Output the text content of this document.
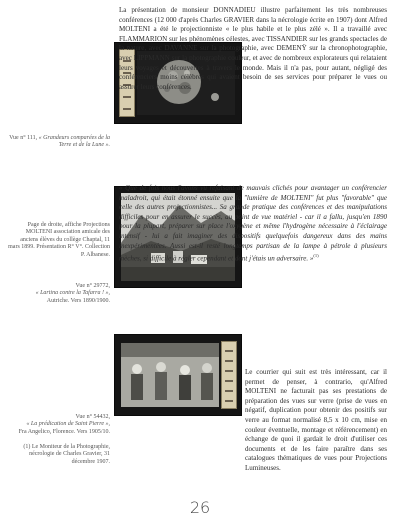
Vue n° 111, « Grandeurs comparées de la Terre et de la Lune ».
Page de droite, affiche Projections MOLTENI association amicale des anciens élèves du collège Chaptal, 11 mars 1899. Présentation R° V°. Collection P. Albanese.
Vue n° 29772,
« Lartina contre la Tafarra ! »,
Autriche. Vers 1890/1900.
Vue n° 54432,
« La prédication de Saint Pierre »,
Fra Angelico, Florence. Vers 1905/10.
(1) Le Moniteur de la Photographie, nécrologie de Charles Gravier, 31 décembre 1907.

La présentation de monsieur DONNADIEU illustre parfaitement les très nombreuses conférences (12 000 d'après Charles GRAVIER dans la nécrologie écrite en 1907) dont Alfred MOLTENI a été le projectionniste « le plus habile et le plus zélé ». Il a travaillé avec FLAMMARION sur les phénomènes célestes, avec TISSANDIER sur les grands spectacles de la nature, avec DAVANNE sur la photographie, avec DEMENŸ sur la chronophotographie, avec LIPPMANN sur la photographie couleur, et avec de nombreux explorateurs qui relataient leurs voyages et découvertes à travers le monde. Mais il n'a pas, pour autant, négligé des conférenciers moins célèbres qui avaient besoin de ses services pour préparer le vues ou assurer leurs conférences.

« Que de fois nous l'avons vu refaisant de mauvais clichés pour avantager un conférencier maladroit, qui était étonné ensuite que la "lumière de MOLTENI" fut plus "favorable" que celle des autres projectionnistes... Sa grande pratique des conférences et des manipulations difficiles pour en assurer le succès, au point de vue matériel - car il a fallu, jusqu'en 1890 pour la plupart, préparer sur place l'oxygène et même l'hydrogène nécessaire à l'éclairage intensif - lui a fait imaginer des dispositifs quelquefois dangereux dans des mains inexpérimentées. Aussi est-il resté longtemps partisan de la lampe à pétrole à plusieurs mèches, si difficile à régler cependant et dont j'étais un adversaire. »$^{(1)}$

Le courrier qui suit est très intéressant, car il permet de penser, à contrario, qu'Alfred MOLTENI ne facturait pas ses prestations de préparation des vues sur verre (prise de vues en négatif, duplication pour obtenir des positifs sur verre au format normalisé 8,5 x 10 cm, mise en couleur éventuelle, montage et référencement) en échange de quoi il gardait le droit d'utiliser ces documents et de les faire paraître dans ses catalogues thématiques de vues pour Projections Lumineuses.

26
